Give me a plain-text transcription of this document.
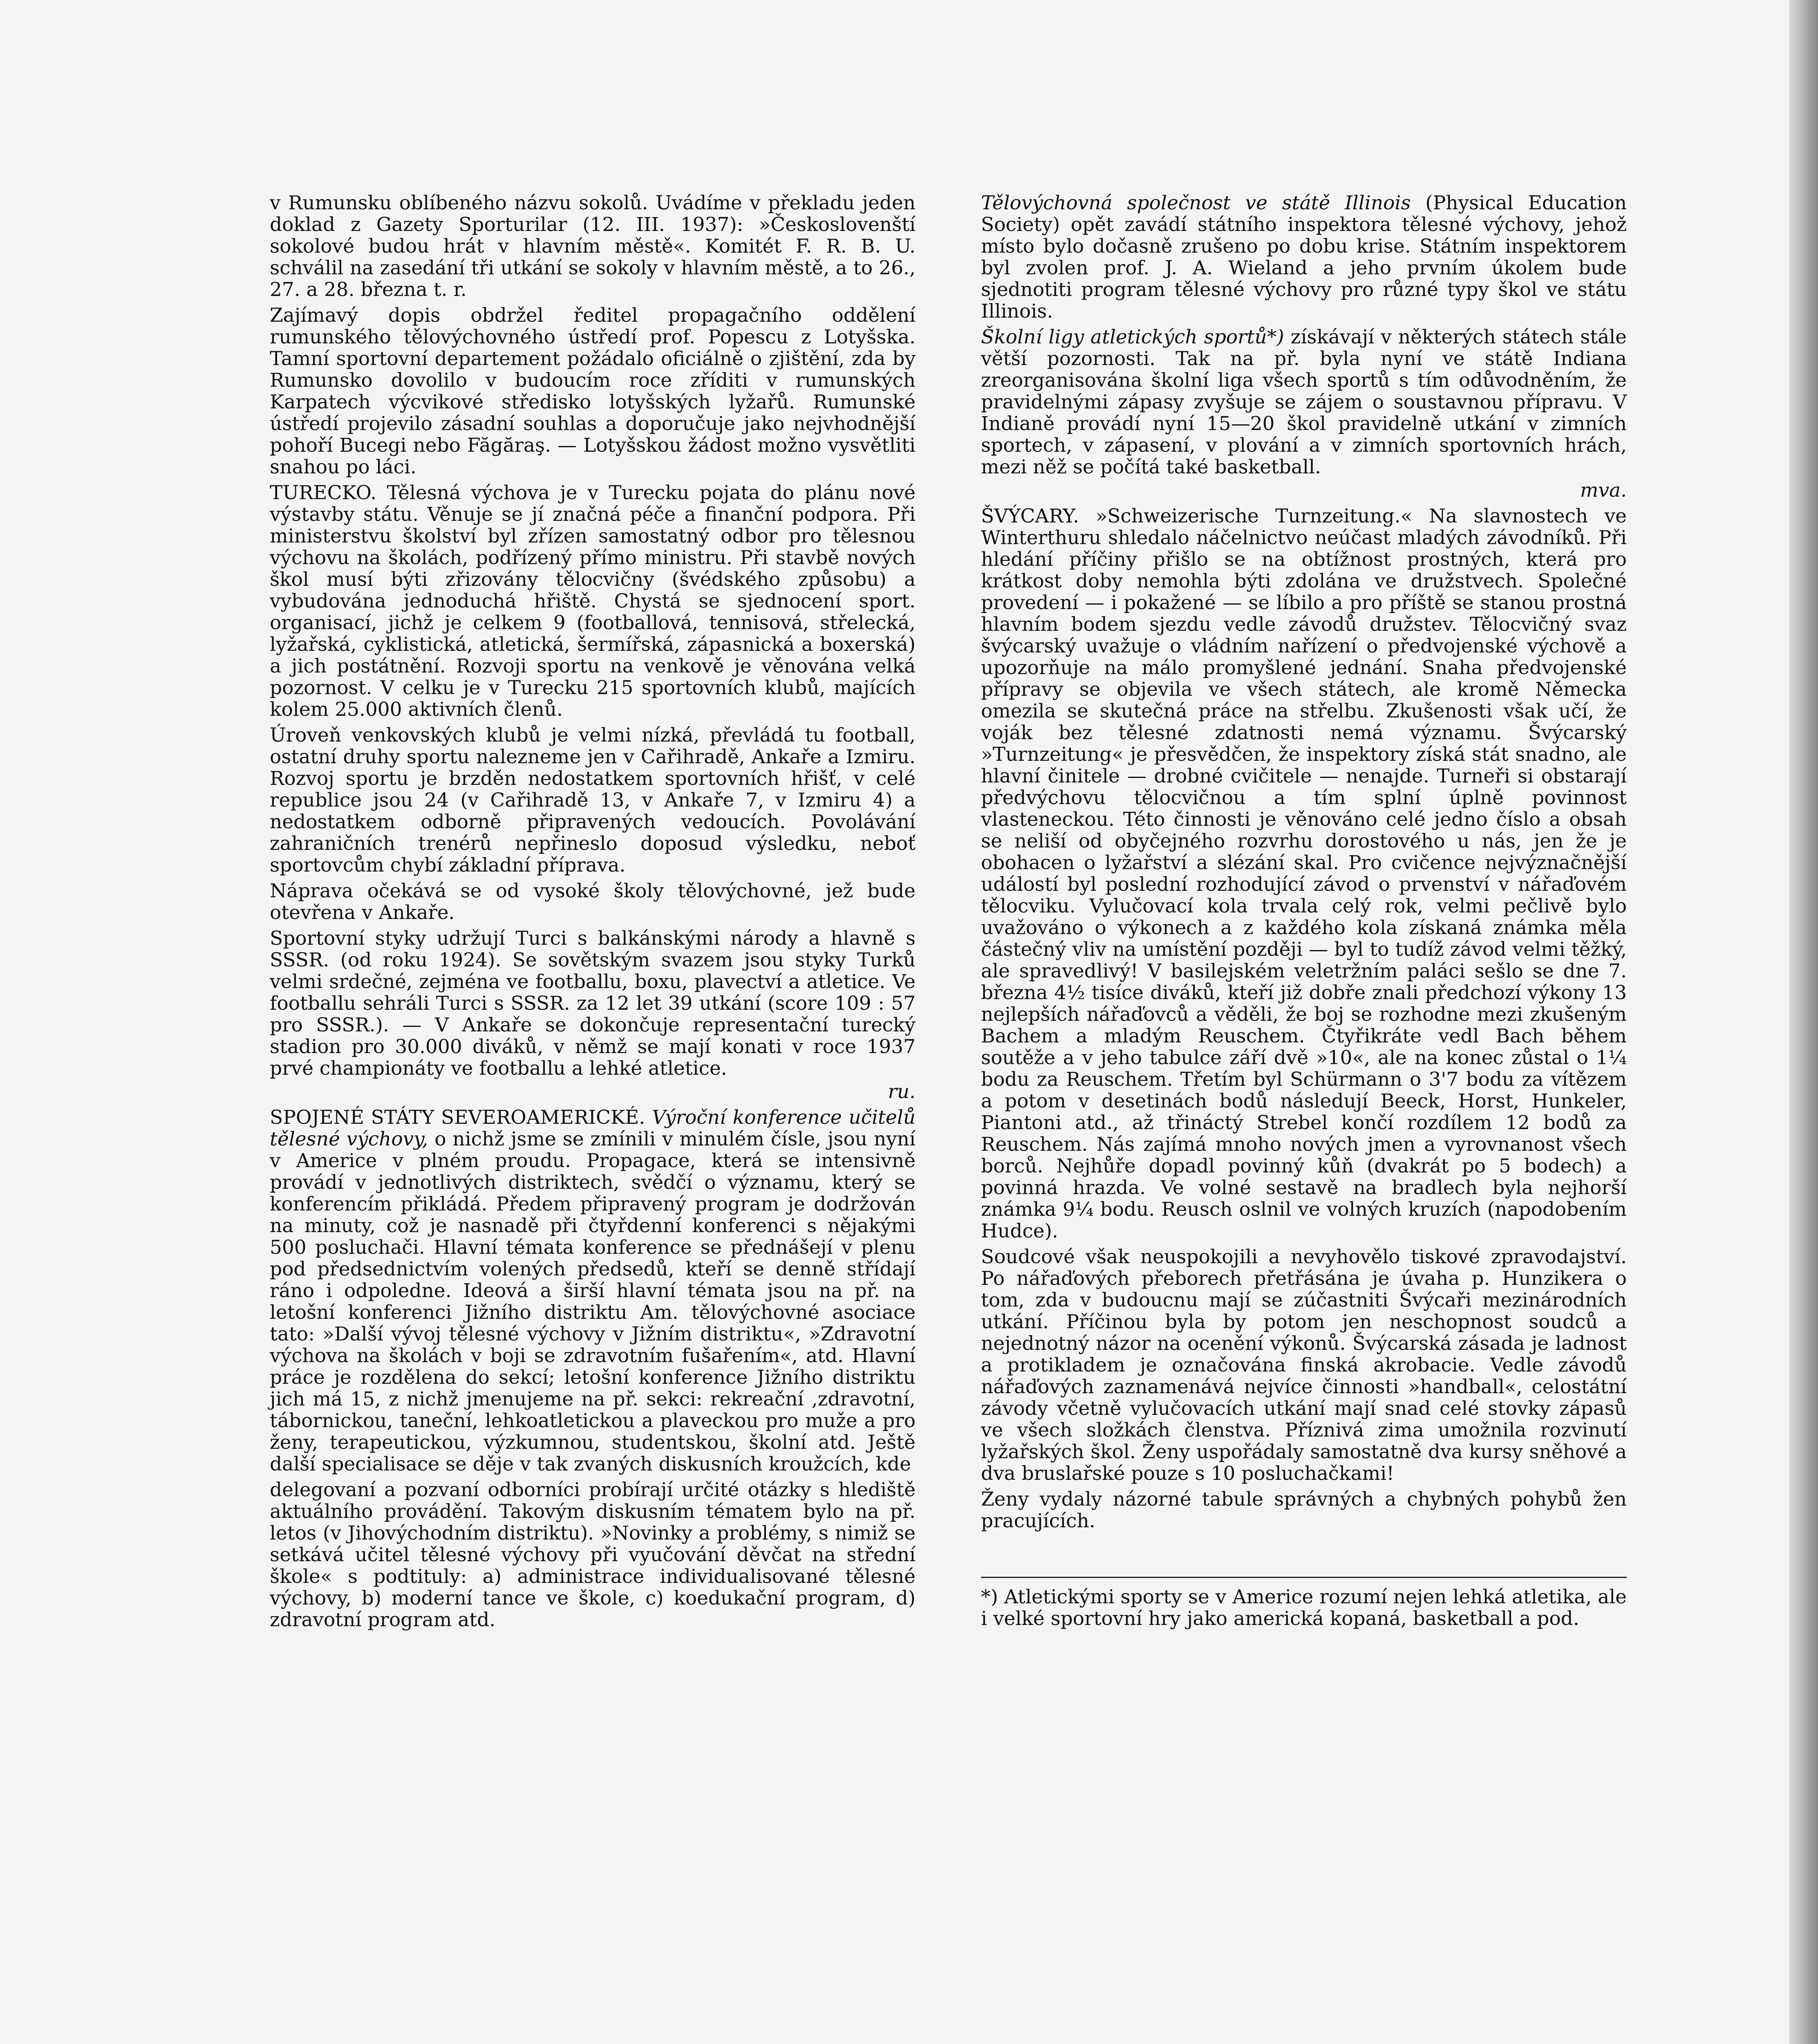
v Rumunsku oblíbeného názvu sokolů. Uvádíme v překladu jeden doklad z Gazety Sporturilar (12. III. 1937): »Českoslovenští sokolové budou hrát v hlavním městě«. Komitét F. R. B. U. schválil na zasedání tři utkání se sokoly v hlavním městě, a to 26., 27. a 28. března t. r.

Zajímavý dopis obdržel ředitel propagačního oddělení rumunského tělovýchovného ústředí prof. Popescu z Lotyšska. Tamní sportovní departement požádalo oficiálně o zjištění, zda by Rumunsko dovolilo v budoucím roce zříditi v rumunských Karpatech výcvikové středisko lotyšských lyžařů. Rumunské ústředí projevilo zásadní souhlas a doporučuje jako nejvhodnější pohoří Bucegi nebo Făgăraş. — Lotyšskou žádost možno vysvětliti snahou po láci.

TURECKO. Tělesná výchova je v Turecku pojata do plánu nové výstavby státu. Věnuje se jí značná péče a finanční podpora. Při ministerstvu školství byl zřízen samostatný odbor pro tělesnou výchovu na školách, podřízený přímo ministru. Při stavbě nových škol musí býti zřizovány tělocvičny (švédského způsobu) a vybudována jednoduchá hřiště. Chystá se sjednocení sport. organisací, jichž je celkem 9 (footballová, tennisová, střelecká, lyžařská, cyklistická, atletická, šermířská, zápasnická a boxerská) a jich postátnění. Rozvoji sportu na venkově je věnována velká pozornost. V celku je v Turecku 215 sportovních klubů, majících kolem 25.000 aktivních členů.

Úroveň venkovských klubů je velmi nízká, převládá tu football, ostatní druhy sportu nalezneme jen v Cařihradě, Ankaře a Izmiru. Rozvoj sportu je brzděn nedostatkem sportovních hřišť, v celé republice jsou 24 (v Cařihradě 13, v Ankaře 7, v Izmiru 4) a nedostatkem odborně připravených vedoucích. Povolávání zahraničních trenérů nepřineslo doposud výsledku, neboť sportovcům chybí základní příprava.

Náprava očekává se od vysoké školy tělovýchovné, jež bude otevřena v Ankaře.

Sportovní styky udržují Turci s balkánskými národy a hlavně s SSSR. (od roku 1924). Se sovětským svazem jsou styky Turků velmi srdečné, zejména ve footballu, boxu, plavectví a atletice. Ve footballu sehráli Turci s SSSR. za 12 let 39 utkání (score 109 : 57 pro SSSR.). — V Ankaře se dokončuje representační turecký stadion pro 30.000 diváků, v němž se mají konati v roce 1937 prvé championáty ve footballu a lehké atletice.

ru.

SPOJENÉ STÁTY SEVEROAMERICKÉ. Výroční konference učitelů tělesné výchovy, o nichž jsme se zmínili v minulém čísle, jsou nyní v Americe v plném proudu. Propagace, která se intensivně provádí v jednotlivých distriktech, svědčí o významu, který se konferencím přikládá. Předem připravený program je dodržován na minuty, což je nasnadě při čtyřdenní konferenci s nějakými 500 posluchači. Hlavní témata konference se přednášejí v plenu pod předsednictvím volených předsedů, kteří se denně střídají ráno i odpoledne. Ideová a širší hlavní témata jsou na př. na letošní konferenci Jižního distriktu Am. tělovýchovné asociace tato: »Další vývoj tělesné výchovy v Jižním distriktu«, »Zdravotní výchova na školách v boji se zdravotním fušařením«, atd. Hlavní práce je rozdělena do sekcí; letošní konference Jižního distriktu jich má 15, z nichž jmenujeme na př. sekci: rekreační ,zdravotní, tábornickou, taneční, lehkoatletickou a plaveckou pro muže a pro ženy, terapeutickou, výzkumnou, studentskou, školní atd. Ještě další specialisace se děje v tak zvaných diskusních kroužcích, kde

delegovaní a pozvaní odborníci probírají určité otázky s hlediště aktuálního provádění. Takovým diskusním tématem bylo na př. letos (v Jihovýchodním distriktu). »Novinky a problémy, s nimiž se setkává učitel tělesné výchovy při vyučování děvčat na střední škole« s podtituly: a) administrace individualisované tělesné výchovy, b) moderní tance ve škole, c) koedukační program, d) zdravotní program atd.

Tělovýchovná společnost ve státě Illinois (Physical Education Society) opět zavádí státního inspektora tělesné výchovy, jehož místo bylo dočasně zrušeno po dobu krise. Státním inspektorem byl zvolen prof. J. A. Wieland a jeho prvním úkolem bude sjednotiti program tělesné výchovy pro různé typy škol ve státu Illinois.

Školní ligy atletických sportů*) získávají v některých státech stále větší pozornosti. Tak na př. byla nyní ve státě Indiana zreorganisována školní liga všech sportů s tím odůvodněním, že pravidelnými zápasy zvyšuje se zájem o soustavnou přípravu. V Indianě provádí nyní 15—20 škol pravidelně utkání v zimních sportech, v zápasení, v plování a v zimních sportovních hrách, mezi něž se počítá také basketball.

mva.

ŠVÝCARY. »Schweizerische Turnzeitung.« Na slavnostech ve Winterthuru shledalo náčelnictvo neúčast mladých závodníků. Při hledání příčiny přišlo se na obtížnost prostných, která pro krátkost doby nemohla býti zdolána ve družstvech. Společné provedení — i pokažené — se líbilo a pro příště se stanou prostná hlavním bodem sjezdu vedle závodů družstev. Tělocvičný svaz švýcarský uvažuje o vládním nařízení o předvojenské výchově a upozorňuje na málo promyšlené jednání. Snaha předvojenské přípravy se objevila ve všech státech, ale kromě Německa omezila se skutečná práce na střelbu. Zkušenosti však učí, že voják bez tělesné zdatnosti nemá významu. Švýcarský »Turnzeitung« je přesvědčen, že inspektory získá stát snadno, ale hlavní činitele — drobné cvičitele — nenajde. Turneři si obstarají předvýchovu tělocvičnou a tím splní úplně povinnost vlasteneckou. Této činnosti je věnováno celé jedno číslo a obsah se neliší od obyčejného rozvrhu dorostového u nás, jen že je obohacen o lyžařství a slézání skal. Pro cvičence nejvýznačnější událostí byl poslední rozhodující závod o prvenství v nářaďovém tělocviku. Vylučovací kola trvala celý rok, velmi pečlivě bylo uvažováno o výkonech a z každého kola získaná známka měla částečný vliv na umístění později — byl to tudíž závod velmi těžký, ale spravedlivý! V basilejském veletržním paláci sešlo se dne 7. března 4½ tisíce diváků, kteří již dobře znali předchozí výkony 13 nejlepších nářaďovců a věděli, že boj se rozhodne mezi zkušeným Bachem a mladým Reuschem. Čtyřikráte vedl Bach během soutěže a v jeho tabulce září dvě »10«, ale na konec zůstal o 1¼ bodu za Reuschem. Třetím byl Schürmann o 3'7 bodu za vítězem a potom v desetinách bodů následují Beeck, Horst, Hunkeler, Piantoni atd., až třináctý Strebel končí rozdílem 12 bodů za Reuschem. Nás zajímá mnoho nových jmen a vyrovnanost všech borců. Nejhůře dopadl povinný kůň (dvakrát po 5 bodech) a povinná hrazda. Ve volné sestavě na bradlech byla nejhorší známka 9¼ bodu. Reusch oslnil ve volných kruzích (napodobením Hudce).

Soudcové však neuspokojili a nevyhovělo tiskové zpravodajství. Po nářaďových přeborech přetřásána je úvaha p. Hunzikera o tom, zda v budoucnu mají se zúčastniti Švýcaři mezinárodních utkání. Příčinou byla by potom jen neschopnost soudců a nejednotný názor na ocenění výkonů. Švýcarská zásada je ladnost a protikladem je označována finská akrobacie. Vedle závodů nářaďových zaznamenává nejvíce činnosti »handball«, celostátní závody včetně vylučovacích utkání mají snad celé stovky zápasů ve všech složkách členstva. Příznivá zima umožnila rozvinutí lyžařských škol. Ženy uspořádaly samostatně dva kursy sněhové a dva bruslařské pouze s 10 posluchačkami!

Ženy vydaly názorné tabule správných a chybných pohybů žen pracujících.

*) Atletickými sporty se v Americe rozumí nejen lehká atletika, ale i velké sportovní hry jako americká kopaná, basketball a pod.
